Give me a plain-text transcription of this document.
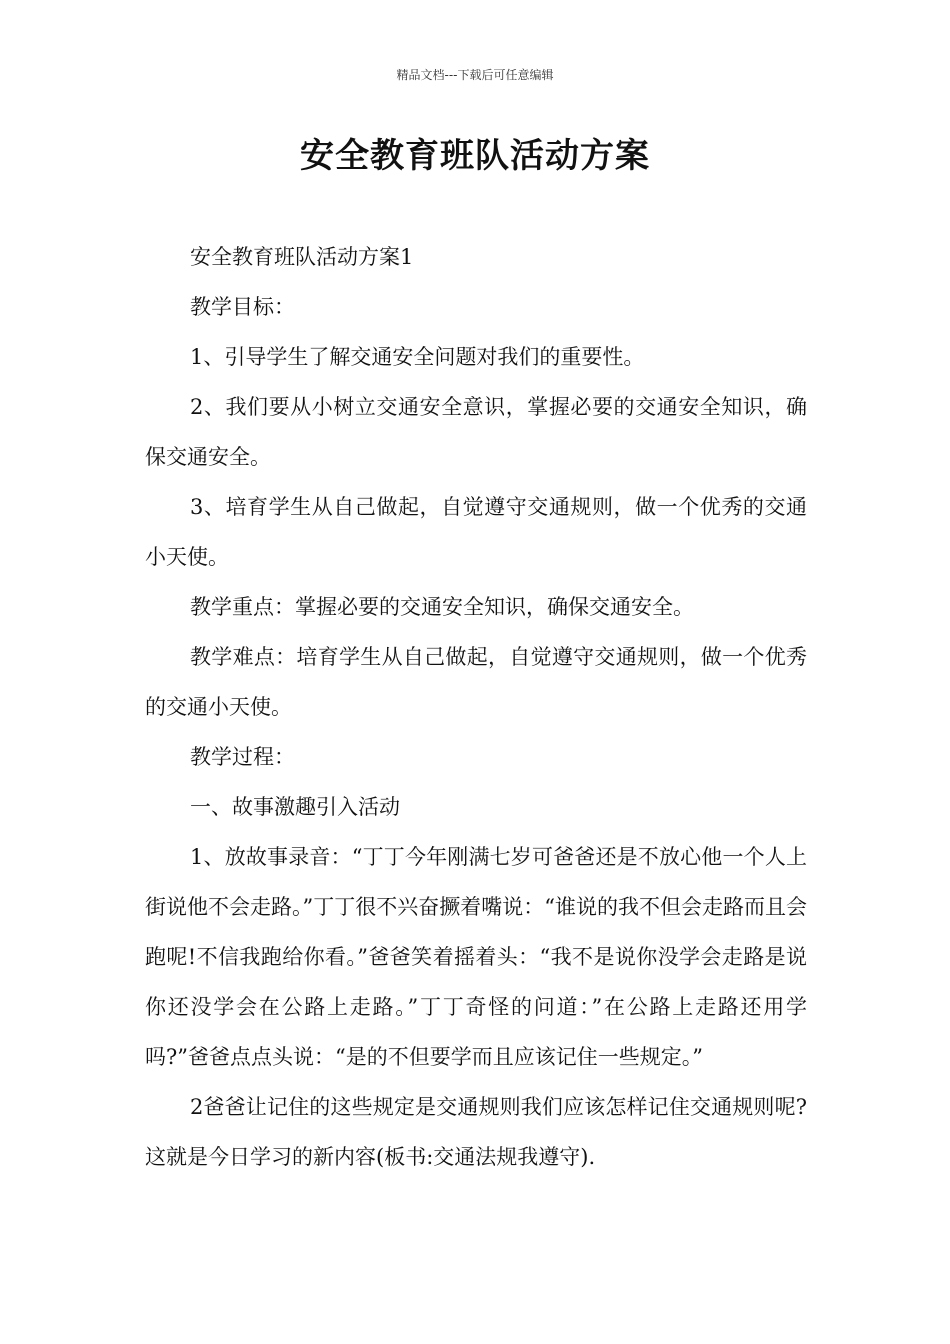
精品文档---下载后可任意编辑
安全教育班队活动方案

安全教育班队活动方案1

教学目标：

1、引导学生了解交通安全问题对我们的重要性。

2、我们要从小树立交通安全意识，掌握必要的交通安全知识，确保交通安全。

3、培育学生从自己做起，自觉遵守交通规则，做一个优秀的交通小天使。

教学重点：掌握必要的交通安全知识，确保交通安全。

教学难点：培育学生从自己做起，自觉遵守交通规则，做一个优秀的交通小天使。

教学过程：

一、故事激趣引入活动

1、放故事录音：“丁丁今年刚满七岁可爸爸还是不放心他一个人上街说他不会走路。”丁丁很不兴奋撅着嘴说：“谁说的我不但会走路而且会跑呢!不信我跑给你看。”爸爸笑着摇着头：“我不是说你没学会走路是说你还没学会在公路上走路。”丁丁奇怪的问道：”在公路上走路还用学吗?”爸爸点点头说：“是的不但要学而且应该记住一些规定。”

2爸爸让记住的这些规定是交通规则我们应该怎样记住交通规则呢?这就是今日学习的新内容(板书:交通法规我遵守).
